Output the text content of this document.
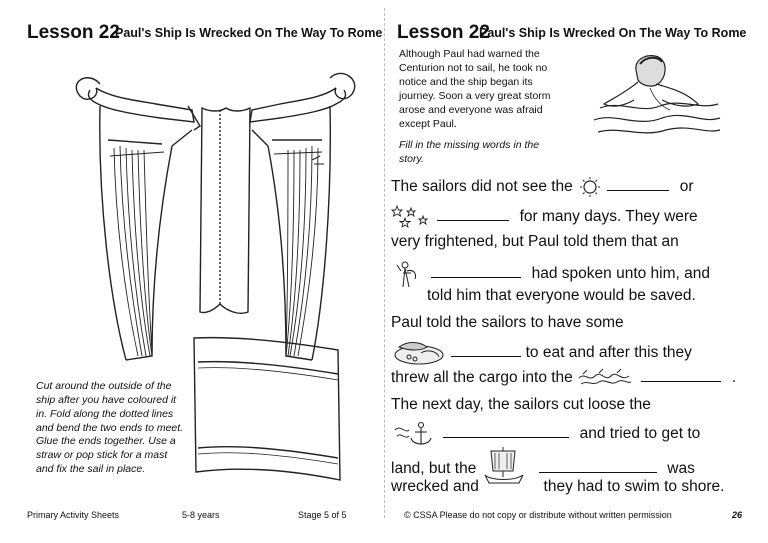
Lesson 22
Paul's Ship Is Wrecked On The Way To Rome
Cut around the outside of the ship after you have coloured it in. Fold along the dotted lines and bend the two ends to meet. Glue the ends together. Use a straw or pop stick for a mast and fix the sail in place.
Lesson 22
Paul's Ship Is Wrecked On The Way To Rome
Although Paul had warned the Centurion not to sail, he took no notice and the ship began its journey. Soon a very great storm arose and everyone was afraid except Paul.
Fill in the missing words in the story.
The sailors did not see the	or
for many days. They were
very frightened, but Paul told them that an
had spoken unto him, and
told him that everyone would be saved.
Paul told the sailors to have some
to eat and after this they
threw all the cargo into the	.
The next day, the sailors cut loose the
and tried to get to
land, but the	was
wrecked and	they had to swim to shore.
Primary Activity Sheets	5-8 years	Stage 5 of 5	© CSSA Please do not copy or distribute without written permission	26
